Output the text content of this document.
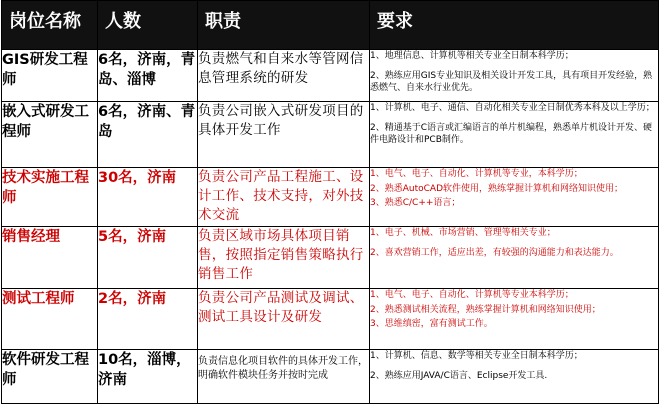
岗位名称	人数	职责	要求
GIS研发工程师	6名，济南，青岛、淄博	负责燃气和自来水等管网信息管理系统的研发	1、地理信息、计算机等相关专业全日制本科学历；
2、熟练应用GIS专业知识及相关设计开发工具，具有项目开发经验，熟悉燃气、自来水行业优先。

嵌入式研发工程师	6名，济南、青岛	负责公司嵌入式研发项目的具体开发工作	1、计算机、电子、通信、自动化相关专业全日制优秀本科及以上学历；
2、精通基于C语言或汇编语言的单片机编程，熟悉单片机设计开发、硬件电路设计和PCB制作。

技术实施工程师	30名，济南	负责公司产品工程施工、设计工作、技术支持，对外技术交流	1、电气、电子、自动化、计算机等专业，本科学历；
2、熟悉AutoCAD软件使用，熟练掌握计算机和网络知识使用；
3、熟悉C/C++语言；

销售经理	5名，济南	负责区域市场具体项目销售，按照指定销售策略执行销售工作	1、电子、机械、市场营销、管理等相关专业；
2、喜欢营销工作，适应出差，有较强的沟通能力和表达能力。

测试工程师	2名，济南	负责公司产品测试及调试、测试工具设计及研发	1、电气、电子、自动化、计算机等专业本科学历；
2、熟悉测试相关流程，熟练掌握计算机和网络知识使用；
3、思维缜密，富有测试工作。

软件研发工程师	10名，淄博，济南	负责信息化项目软件的具体开发工作，明确软件模块任务并按时完成	1、计算机、信息、数学等相关专业全日制本科学历；
2、熟练应用JAVA/C语言、Eclipse开发工具.
